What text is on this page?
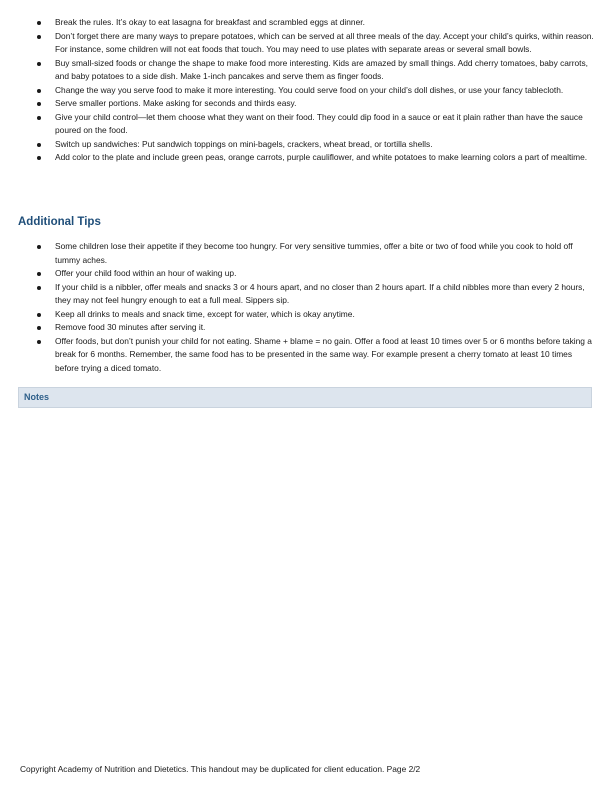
Break the rules. It’s okay to eat lasagna for breakfast and scrambled eggs at dinner.
Don’t forget there are many ways to prepare potatoes, which can be served at all three meals of the day. Accept your child’s quirks, within reason. For instance, some children will not eat foods that touch. You may need to use plates with separate areas or several small bowls.
Buy small-sized foods or change the shape to make food more interesting. Kids are amazed by small things. Add cherry tomatoes, baby carrots, and baby potatoes to a side dish. Make 1-inch pancakes and serve them as finger foods.
Change the way you serve food to make it more interesting. You could serve food on your child’s doll dishes, or use your fancy tablecloth.
Serve smaller portions. Make asking for seconds and thirds easy.
Give your child control—let them choose what they want on their food. They could dip food in a sauce or eat it plain rather than have the sauce poured on the food.
Switch up sandwiches: Put sandwich toppings on mini-bagels, crackers, wheat bread, or tortilla shells.
Add color to the plate and include green peas, orange carrots, purple cauliflower, and white potatoes to make learning colors a part of mealtime.
Additional Tips
Some children lose their appetite if they become too hungry. For very sensitive tummies, offer a bite or two of food while you cook to hold off tummy aches.
Offer your child food within an hour of waking up.
If your child is a nibbler, offer meals and snacks 3 or 4 hours apart, and no closer than 2 hours apart. If a child nibbles more than every 2 hours, they may not feel hungry enough to eat a full meal. Sippers sip.
Keep all drinks to meals and snack time, except for water, which is okay anytime.
Remove food 30 minutes after serving it.
Offer foods, but don’t punish your child for not eating. Shame + blame = no gain. Offer a food at least 10 times over 5 or 6 months before taking a break for 6 months. Remember, the same food has to be presented in the same way. For example present a cherry tomato at least 10 times before trying a diced tomato.
Notes
Copyright Academy of Nutrition and Dietetics. This handout may be duplicated for client education. Page 2/2
